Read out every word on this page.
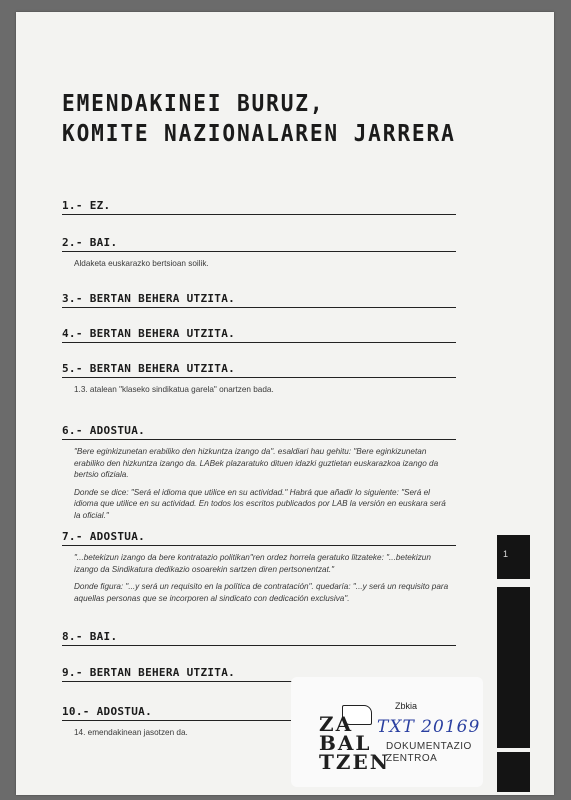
EMENDAKINEI BURUZ,
KOMITE NAZIONALAREN JARRERA
1.- EZ.
2.- BAI.

Aldaketa euskarazko bertsioan soilik.

3.- BERTAN BEHERA UTZITA.
4.- BERTAN BEHERA UTZITA.
5.- BERTAN BEHERA UTZITA.

1.3. atalean "klaseko sindikatua garela" onartzen bada.

6.- ADOSTUA.

"Bere eginkizunetan erabiliko den hizkuntza izango da". esaldiari hau gehitu: "Bere eginkizunetan erabiliko den hizkuntza izango da. LABek plazaratuko dituen idazki guztietan euskarazkoa izango da bertsio ofiziala.

Donde se dice: "Será el idioma que utilice en su actividad." Habrá que añadir lo siguiente: "Será el idioma que utilice en su actividad. En todos los escritos publicados por LAB la versión en euskara será la oficial."

7.- ADOSTUA.

"...betekizun izango da bere kontratazio politikan"ren ordez horrela geratuko litzateke: "...betekizun izango da Sindikatura dedikazio osoarekin sartzen diren pertsonentzat."

Donde figura: "...y será un requisito en la política de contratación". quedaría: "...y será un requisito para aquellas personas que se incorporen al sindicato con dedicación exclusiva".

8.- BAI.
9.- BERTAN BEHERA UTZITA.
10.- ADOSTUA.

14. emendakinean jasotzen da.

1
Zbkia
ZA
BAL
TZEN
TXT 20169
DOKUMENTAZIO
ZENTROA
